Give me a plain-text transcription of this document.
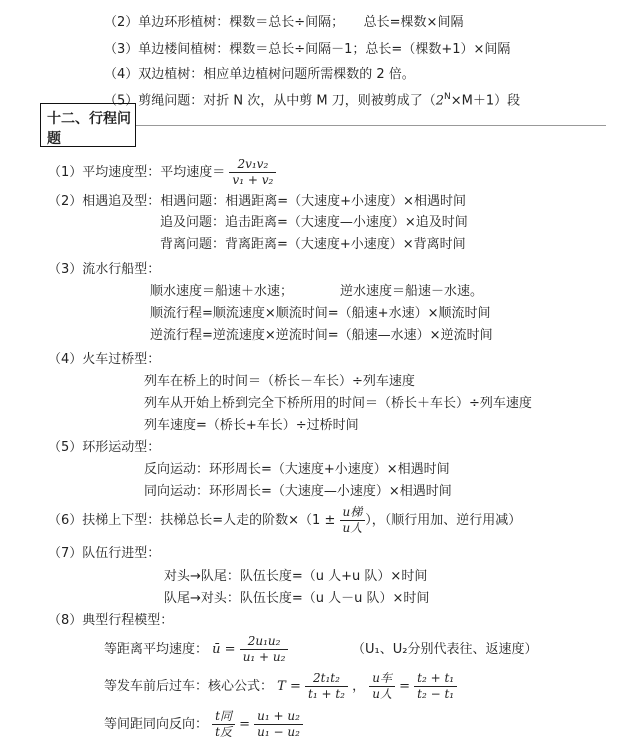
（2）单边环形植树：棵数＝总长÷间隔；　　总长=棵数×间隔
（3）单边楼间植树：棵数＝总长÷间隔－1；总长=（棵数+1）×间隔
（4）双边植树：相应单边植树问题所需棵数的 2 倍。
（5）剪绳问题：对折 N 次，从中剪 M 刀，则被剪成了$(2^N\times M+1)$段
十二、行程问
题
（1）平均速度型：平均速度＝ $\frac{\text{2v₁v₂}}{\text{v₁ + v₂}}$
（2）相遇追及型：相遇问题：相遇距离=（大速度+小速度）×相遇时间
追及问题：追击距离=（大速度—小速度）×追及时间
背离问题：背离距离=（大速度+小速度）×背离时间
（3）流水行船型：
顺水速度＝船速＋水速；	逆水速度＝船速－水速。
顺流行程=顺流速度×顺流时间=（船速+水速）×顺流时间
逆流行程=逆流速度×逆流时间=（船速—水速）×逆流时间
（4）火车过桥型：
列车在桥上的时间＝（桥长－车长）÷列车速度
列车从开始上桥到完全下桥所用的时间＝（桥长＋车长）÷列车速度
列车速度=（桥长+车长）÷过桥时间
（5）环形运动型：
反向运动：环形周长=（大速度+小速度）×相遇时间
同向运动：环形周长=（大速度—小速度）×相遇时间
（6）扶梯上下型：扶梯总长=人走的阶数$\times(1 \pm \frac{\text{u梯}}{\text{u人}}$ ），（顺行用加、逆行用减）
（7）队伍行进型：
对头→队尾：队伍长度=（u 人+u 队）×时间
队尾→对头：队伍长度=（u 人－u 队）×时间
（8）典型行程模型：
等距离平均速度： ū = $\frac{\text{2u₁u₂}}{\text{u₁ + u₂}}$	（U₁、U₂分别代表往、返速度）
等发车前后过车：核心公式： $T = \frac{\text{2t₁t₂}}{\text{t₁ + t₂}}$ ， $\frac{\text{u车}}{\text{u人}} = \frac{\text{t₂ + t₁}}{\text{t₂ − t₁}}$
等间距同向反向： $\frac{\text{t同}}{\text{t反}} = \frac{\text{u₁ + u₂}}{\text{u₁ − u₂}}$
